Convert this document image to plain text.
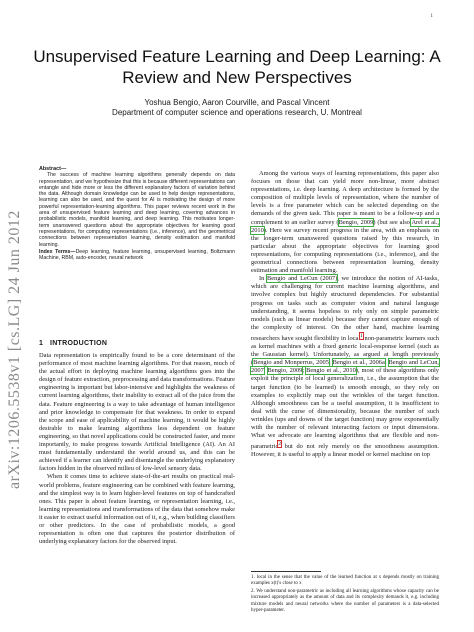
1
arXiv:1206.5538v1 [cs.LG] 24 Jun 2012
Unsupervised Feature Learning and Deep Learning: A Review and New Perspectives
Yoshua Bengio, Aaron Courville, and Pascal Vincent
Department of computer science and operations research, U. Montreal
Abstract—
The success of machine learning algorithms generally depends on data representation, and we hypothesize that this is because different representations can entangle and hide more or less the different explanatory factors of variation behind the data. Although domain knowledge can be used to help design representations, learning can also be used, and the quest for AI is motivating the design of more powerful representation-learning algorithms. This paper reviews recent work in the area of unsupervised feature learning and deep learning, covering advances in probabilistic models, manifold learning, and deep learning. This motivates longer-term unanswered questions about the appropriate objectives for learning good representations, for computing representations (i.e., inference), and the geometrical connections between representation learning, density estimation and manifold learning.
Index Terms—Deep learning, feature learning, unsupervised learning, Boltzmann Machine, RBM, auto-encoder, neural network
1 INTRODUCTION

Data representation is empirically found to be a core determinant of the performance of most machine learning algorithms. For that reason, much of the actual effort in deploying machine learning algorithms goes into the design of feature extraction, preprocessing and data transformations. Feature engineering is important but labor-intensive and highlights the weakness of current learning algorithms, their inability to extract all of the juice from the data. Feature engineering is a way to take advantage of human intelligence and prior knowledge to compensate for that weakness. In order to expand the scope and ease of applicability of machine learning, it would be highly desirable to make learning algorithms less dependent on feature engineering, so that novel applications could be constructed faster, and more importantly, to make progress towards Artificial Intelligence (AI). An AI must fundamentally understand the world around us, and this can be achieved if a learner can identify and disentangle the underlying explanatory factors hidden in the observed milieu of low-level sensory data.

When it comes time to achieve state-of-the-art results on practical real-world problems, feature engineering can be combined with feature learning, and the simplest way is to learn higher-level features on top of handcrafted ones. This paper is about feature learning, or representation learning, i.e., learning representations and transformations of the data that somehow make it easier to extract useful information out of it, e.g., when building classifiers or other predictors. In the case of probabilistic models, a good representation is often one that captures the posterior distribution of underlying explanatory factors for the observed input.

Among the various ways of learning representations, this paper also focuses on those that can yield more non-linear, more abstract representations, i.e. deep learning. A deep architecture is formed by the composition of multiple levels of representation, where the number of levels is a free parameter which can be selected depending on the demands of the given task. This paper is meant to be a follow-up and a complement to an earlier survey (Bengio, 2009) (but see also Arel et al., 2010). Here we survey recent progress in the area, with an emphasis on the longer-term unanswered questions raised by this research, in particular about the appropriate objectives for learning good representations, for computing representations (i.e., inference), and the geometrical connections between representation learning, density estimation and manifold learning.

In Bengio and LeCun (2007), we introduce the notion of AI-tasks, which are challenging for current machine learning algorithms, and involve complex but highly structured dependencies. For substantial progress on tasks such as computer vision and natural language understanding, it seems hopeless to rely only on simple parametric models (such as linear models) because they cannot capture enough of the complexity of interest. On the other hand, machine learning researchers have sought flexibility in local$^1$ non-parametric learners such as kernel machines with a fixed generic local-response kernel (such as the Gaussian kernel). Unfortunately, as argued at length previously (Bengio and Monperrus, 2005; Bengio et al., 2006a; Bengio and LeCun, 2007; Bengio, 2009; Bengio et al., 2010), most of these algorithms only exploit the principle of local generalization, i.e., the assumption that the target function (to be learned) is smooth enough, so they rely on examples to explicitly map out the wrinkles of the target function. Although smoothness can be a useful assumption, it is insufficient to deal with the curse of dimensionality, because the number of such wrinkles (ups and downs of the target function) may grow exponentially with the number of relevant interacting factors or input dimensions. What we advocate are learning algorithms that are flexible and non-parametric$^2$ but do not rely merely on the smoothness assumption. However, it is useful to apply a linear model or kernel machine on top

1. local in the sense that the value of the learned function at x depends mostly on training examples x(t)'s close to x

2. We understand non-parametric as including all learning algorithms whose capacity can be increased appropriately as the amount of data and its complexity demands it, e.g. including mixture models and neural networks where the number of parameters is a data-selected hyper-parameter.
